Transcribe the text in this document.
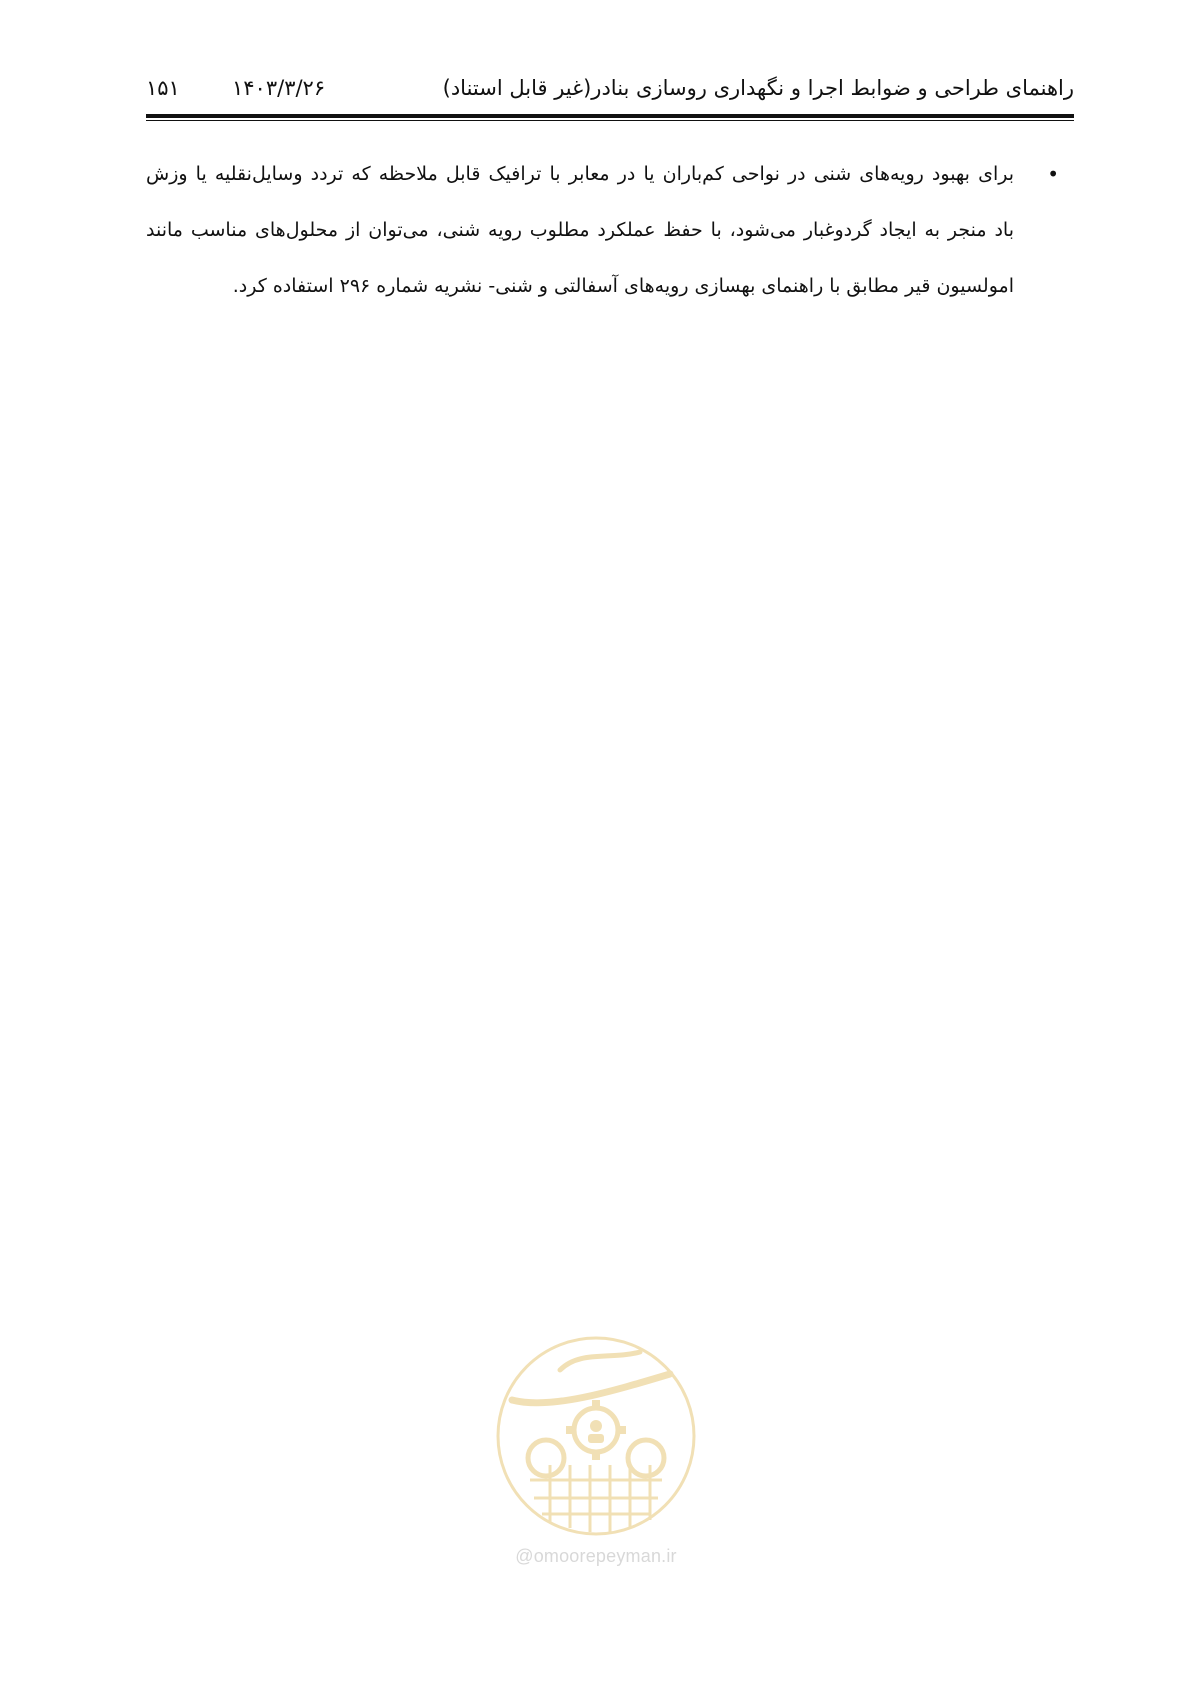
راهنمای طراحی و ضوابط اجرا و نگهداری روسازی بنادر(غیر قابل استناد)
۱۴۰۳/۳/۲۶
۱۵۱
•
برای بهبود رویه‌های شنی در نواحی کم‌باران یا در معابر با ترافیک قابل ملاحظه که تردد وسایل‌نقلیه یا وزش
باد منجر به ایجاد گردوغبار می‌شود، با حفظ عملکرد مطلوب رویه شنی، می‌توان از محلول‌های مناسب مانند
امولسیون قیر مطابق با راهنمای بهسازی رویه‌های آسفالتی و شنی- نشریه شماره ۲۹۶ استفاده کرد.
@omoorepeyman.ir
